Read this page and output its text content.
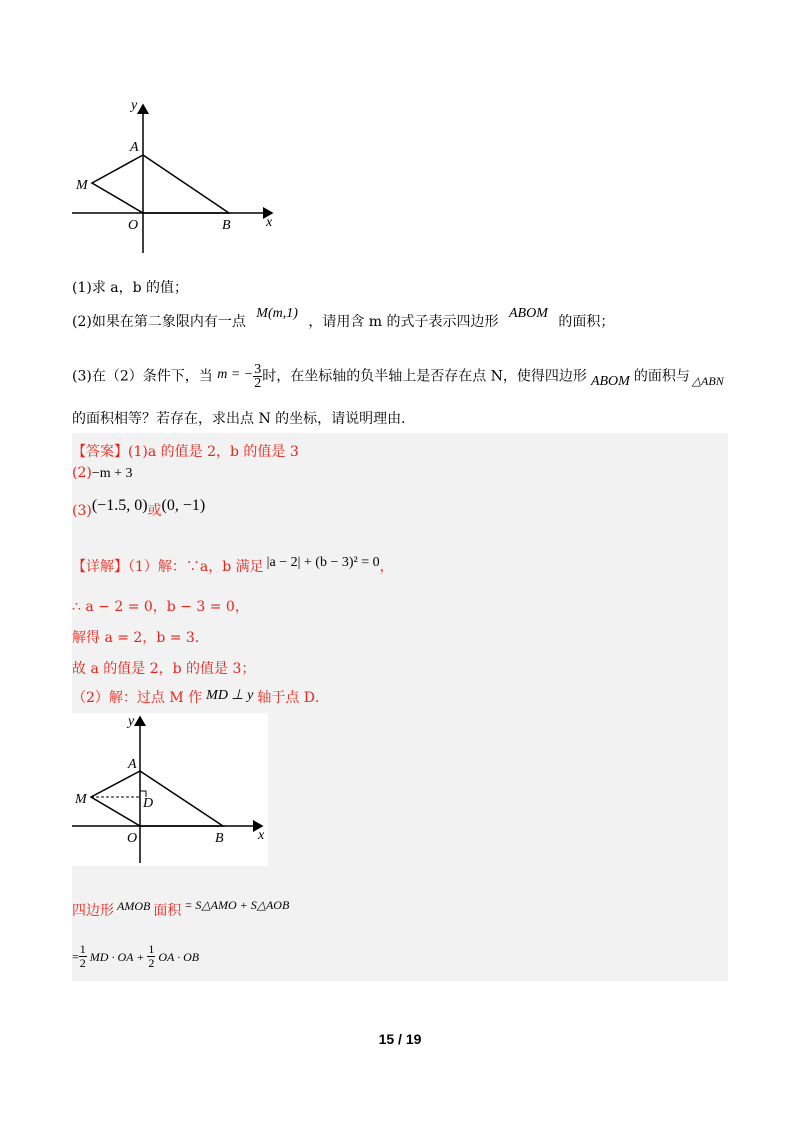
y
x
A
M
O	B
(1)求 a，b 的值；
(2)如果在第二象限内有一点 M(m,1) ，请用含 m 的式子表示四边形 ABOM 的面积；
(3)在（2）条件下，当 m = − $\frac{3}{2}$ 时，在坐标轴的负半轴上是否存在点 N，使得四边形 ABOM 的面积与 △ABN
的面积相等？若存在，求出点 N 的坐标，请说明理由．
【答案】(1)a 的值是 2，b 的值是 3
(2)−m + 3
(3)(−1.5, 0)或(0, −1)
【详解】（1）解：∵a，b 满足 |a − 2| + (b − 3)² = 0，
∴ a − 2 = 0，b − 3 = 0，
解得 a = 2，b = 3．
故 a 的值是 2，b 的值是 3；
（2）解：过点 M 作 MD ⊥ y 轴于点 D．
y
x
A
M	D
O	B
四边形 AMOB 面积 = S△AMO + S△AOB
= $\frac{1}{2}$ MD · OA + $\frac{1}{2}$ OA · OB
15 / 19
